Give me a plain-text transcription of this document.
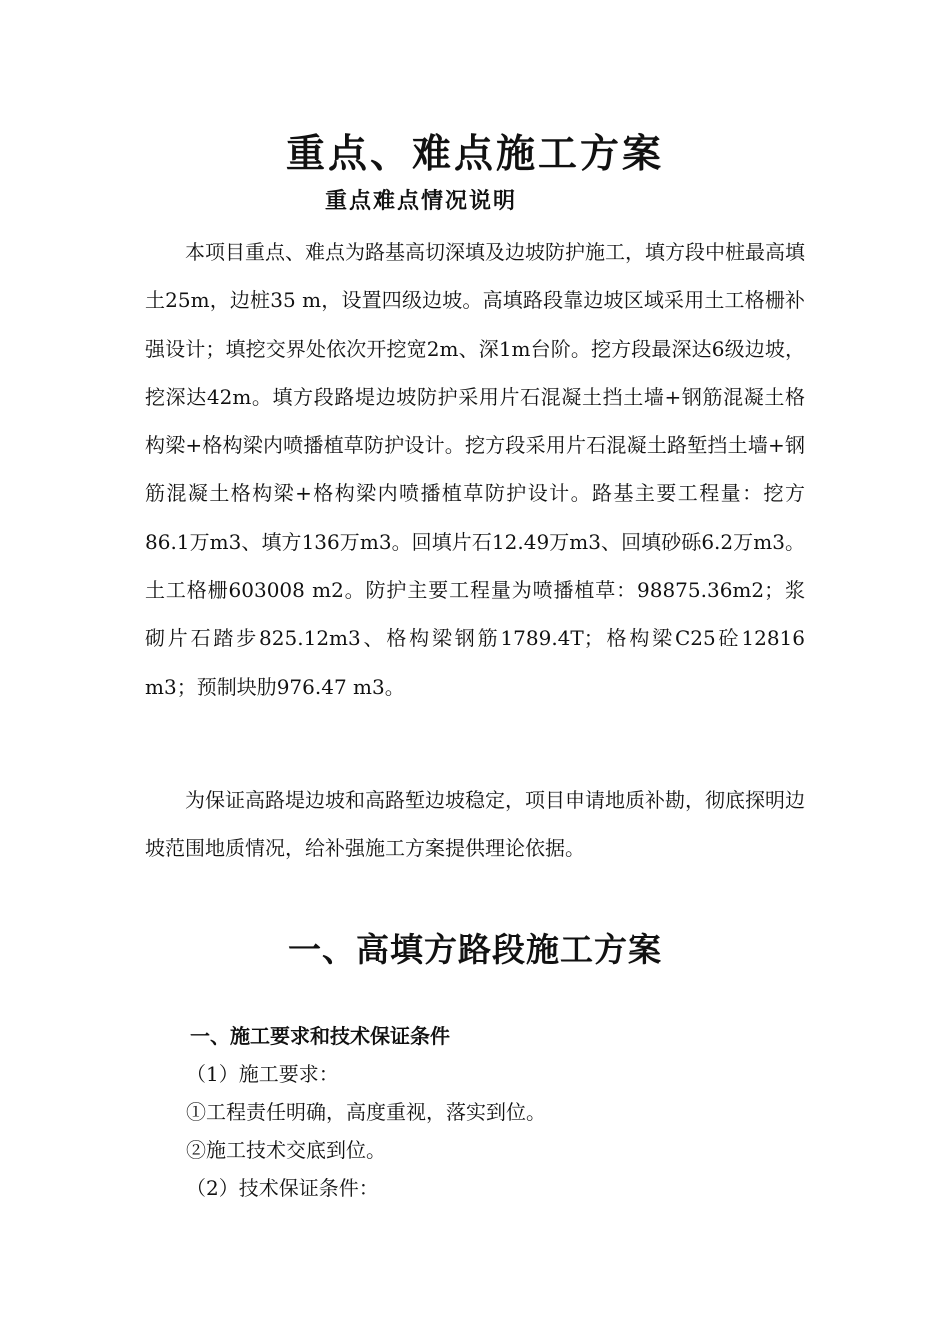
重点、难点施工方案
重点难点情况说明

本项目重点、难点为路基高切深填及边坡防护施工，填方段中桩最高填土25m，边桩35 m，设置四级边坡。高填路段靠边坡区域采用土工格栅补强设计；填挖交界处依次开挖宽2m、深1m台阶。挖方段最深达6级边坡，挖深达42m。填方段路堤边坡防护采用片石混凝土挡土墙+钢筋混凝土格构梁+格构梁内喷播植草防护设计。挖方段采用片石混凝土路堑挡土墙+钢筋混凝土格构梁+格构梁内喷播植草防护设计。路基主要工程量：挖方86.1万m3、填方136万m3。回填片石12.49万m3、回填砂砾6.2万m3。土工格栅603008 m2。防护主要工程量为喷播植草：98875.36m2；浆砌片石踏步825.12m3、格构梁钢筋1789.4T；格构梁C25砼12816 m3；预制块肋976.47 m3。

为保证高路堤边坡和高路堑边坡稳定，项目申请地质补勘，彻底探明边坡范围地质情况，给补强施工方案提供理论依据。

一、高填方路段施工方案
一、施工要求和技术保证条件
（1）施工要求：
①工程责任明确，高度重视，落实到位。
②施工技术交底到位。
（2）技术保证条件：
